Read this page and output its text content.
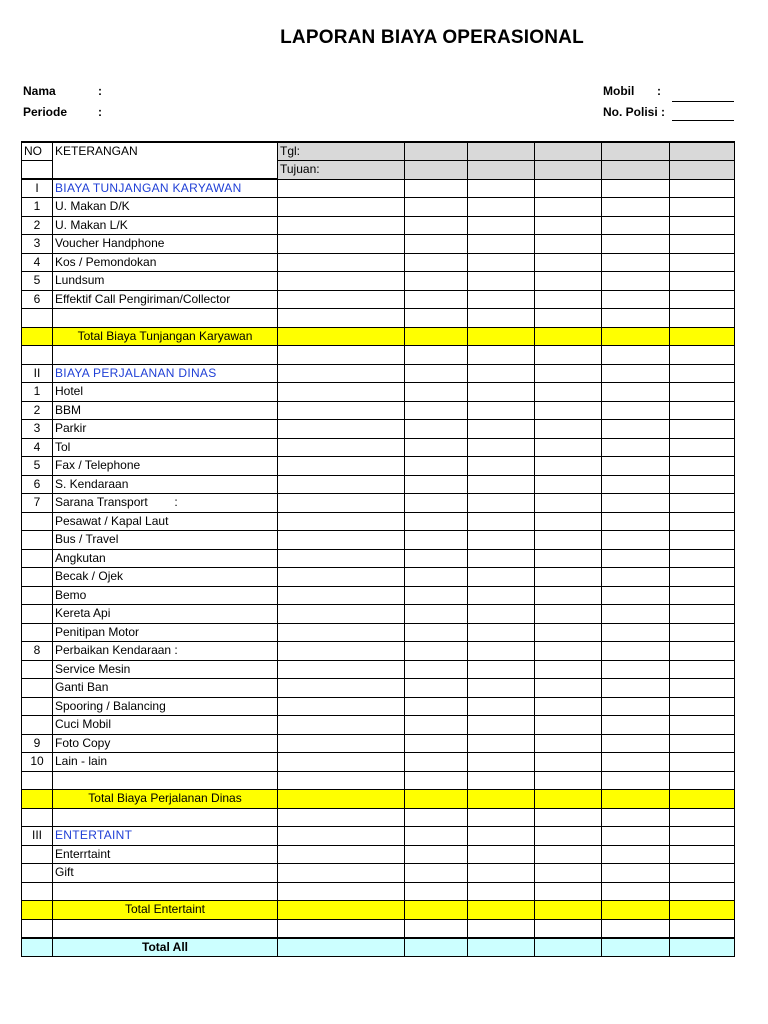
LAPORAN BIAYA OPERASIONAL
Nama	:
Periode	:
Mobil :
No. Polisi :
NO	KETERANGAN	Tgl:					
		Tujuan:					
I	BIAYA TUNJANGAN KARYAWAN						
1	U. Makan D/K						
2	U. Makan L/K						
3	Voucher Handphone						
4	Kos / Pemondokan						
5	Lundsum						
6	Effektif Call Pengiriman/Collector						

	Total Biaya Tunjangan Karyawan						

II	BIAYA PERJALANAN DINAS						
1	Hotel						
2	BBM						
3	Parkir						
4	Tol						
5	Fax / Telephone						
6	S. Kendaraan						
7	Sarana Transport        :						
	Pesawat / Kapal Laut						
	Bus / Travel						
	Angkutan						
	Becak / Ojek						
	Bemo						
	Kereta Api						
	Penitipan Motor						
8	Perbaikan Kendaraan :						
	Service Mesin						
	Ganti Ban						
	Spooring / Balancing						
	Cuci Mobil						
9	Foto Copy						
10	Lain - lain						

	Total Biaya Perjalanan Dinas						

III	ENTERTAINT						
	Enterrtaint						
	Gift						

	Total Entertaint						

	Total All						
